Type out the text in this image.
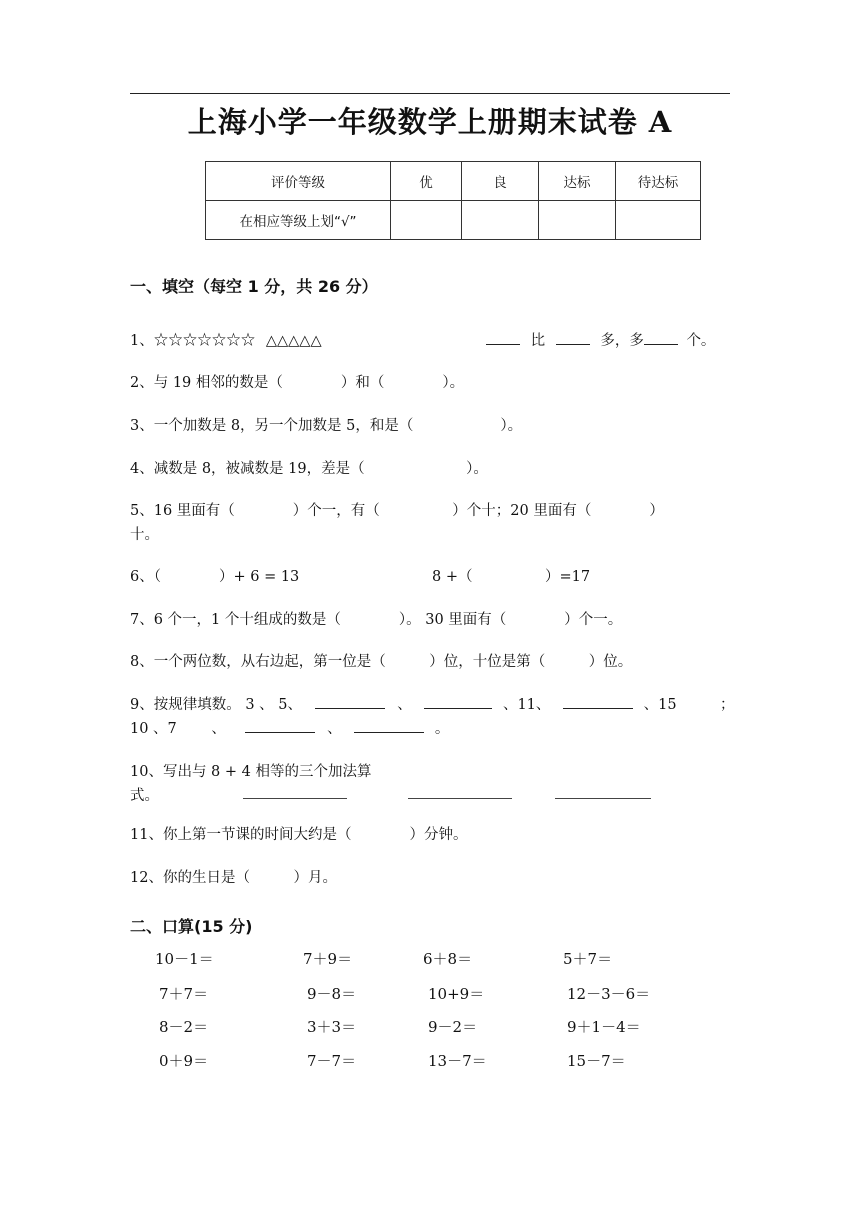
上海小学一年级数学上册期末试卷 A
评价等级	优	良	达标	待达标
在相应等级上划“√”				
一、填空（每空 1 分，共 26 分）
1、☆☆☆☆☆☆☆ △△△△△	比	多，多	个。
2、与 19 相邻的数是（　　　　）和（　　　　）。
3、一个加数是 8，另一个加数是 5，和是（　　　　　　）。
4、减数是 8，被减数是 19，差是（　　　　　　　）。
5、16 里面有（　　　　）个一，有（　　　　　）个十；20 里面有（　　　　）
十。
6、（　　　　）+ 6 = 13	8 +（　　　　　）=17
7、6 个一，1 个十组成的数是（　　　　）。 30 里面有（　　　　）个一。
8、一个两位数，从右边起，第一位是（　　　）位，十位是第（　　　）位。
9、按规律填数。 3 、 5、	、	、11、	、15	；
10 、7 、	、	。
10、写出与 8 + 4 相等的三个加法算
式。
11、你上第一节课的时间大约是（　　　　）分钟。
12、你的生日是（　　　）月。
二、口算(15 分)
10－1＝	7＋9＝	6＋8＝	5＋7＝
7＋7＝	9－8＝	10+9＝	12－3－6＝
8－2＝	3＋3＝	9－2＝	9＋1－4＝
0＋9＝	7－7＝	13－7＝	15－7＝
